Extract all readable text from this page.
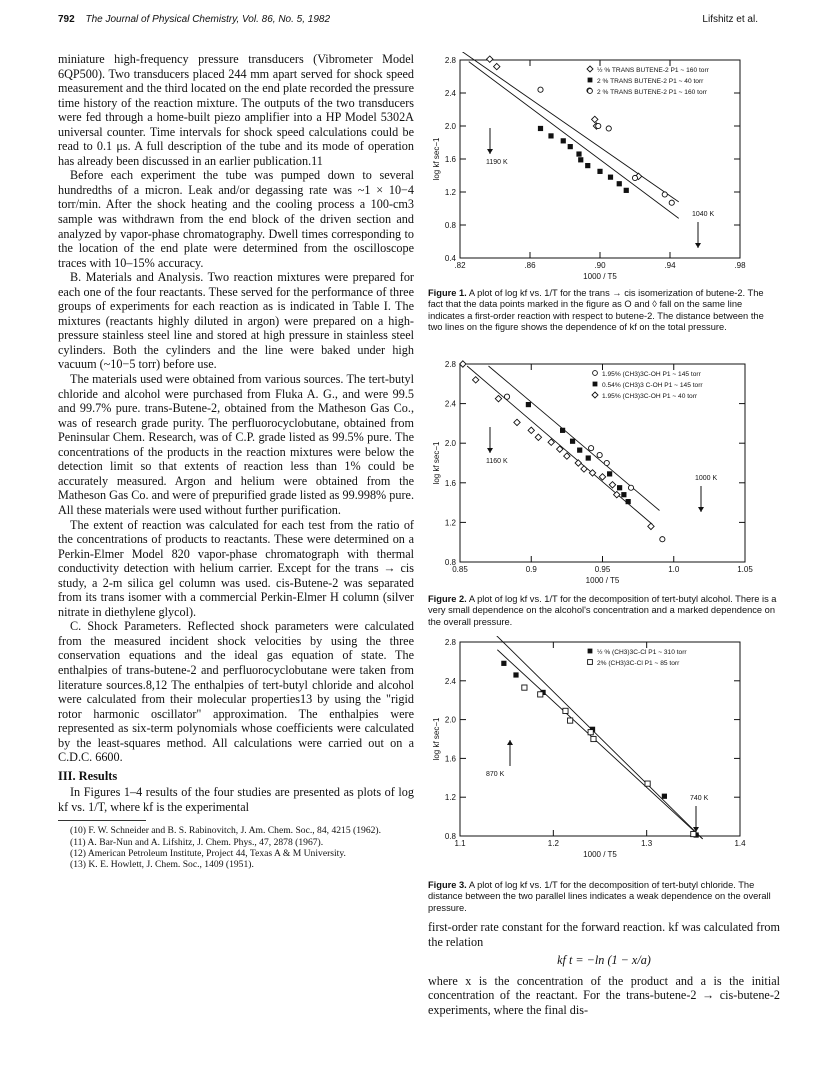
792 The Journal of Physical Chemistry, Vol. 86, No. 5, 1982	Lifshitz et al.

miniature high-frequency pressure transducers (Vibrometer Model 6QP500). Two transducers placed 244 mm apart served for shock speed measurement and the third located on the end plate recorded the pressure time history of the reaction mixture. The outputs of the two transducers were fed through a home-built piezo amplifier into a HP Model 5302A universal counter. Time intervals for shock speed calculations could be read to 0.1 μs. A full description of the tube and its mode of operation has already been discussed in an earlier publication.11

Before each experiment the tube was pumped down to several hundredths of a micron. Leak and/or degassing rate was ~1 × 10−4 torr/min. After the shock heating and the cooling process a 100-cm3 sample was withdrawn from the end block of the driven section and analyzed by vapor-phase chromatography. Dwell times corresponding to the location of the end plate were determined from the oscilloscope traces with 10–15% accuracy.

B. Materials and Analysis. Two reaction mixtures were prepared for each one of the four reactants. These served for the performance of three groups of experiments for each reaction as is indicated in Table I. The mixtures (reactants highly diluted in argon) were prepared on a high-pressure stainless steel line and stored at high pressure in stainless steel cylinders. Both the cylinders and the line were baked under high vacuum (~10−5 torr) before use.

The materials used were obtained from various sources. The tert-butyl chloride and alcohol were purchased from Fluka A. G., and were 99.5 and 99.7% pure. trans-Butene-2, obtained from the Matheson Gas Co., was of research grade purity. The perfluorocyclobutane, obtained from Peninsular Chem. Research, was of C.P. grade listed as 99.5% pure. The concentrations of the products in the reaction mixtures were below the detection limit so that extents of reaction less than 1% could be accurately measured. Argon and helium were obtained from the Matheson Gas Co. and were of prepurified grade listed as 99.998% pure. All these materials were used without further purification.

The extent of reaction was calculated for each test from the ratio of the concentrations of products to reactants. These were determined on a Perkin-Elmer Model 820 vapor-phase chromatograph with thermal conductivity detection with helium carrier. Except for the trans → cis study, a 2-m silica gel column was used. cis-Butene-2 was separated from its trans isomer with a commercial Perkin-Elmer H column (silver nitrate in diethylene glycol).

C. Shock Parameters. Reflected shock parameters were calculated from the measured incident shock velocities by using the three conservation equations and the ideal gas equation of state. The enthalpies of trans-butene-2 and perfluorocyclobutane were taken from literature sources.8,12 The enthalpies of tert-butyl chloride and alcohol were calculated from their molecular properties13 by using the "rigid rotor harmonic oscillator" approximation. The enthalpies were represented as six-term polynomials whose coefficients were calculated by the least-squares method. All calculations were carried out on a C.D.C. 6600.

III. Results

In Figures 1–4 results of the four studies are presented as plots of log kf vs. 1/T, where kf is the experimental

(10) F. W. Schneider and B. S. Rabinovitch, J. Am. Chem. Soc., 84, 4215 (1962).
(11) A. Bar-Nun and A. Lifshitz, J. Chem. Phys., 47, 2878 (1967).
(12) American Petroleum Institute, Project 44, Texas A & M University.
(13) K. E. Howlett, J. Chem. Soc., 1409 (1951).
0.4
0.8
1.2
1.6
2.0
2.4
2.8
.82	.86	.90	.94	.98
1000 / T5
log kf sec−1
½ % TRANS BUTENE-2 P1 ~ 160 torr
2 % TRANS BUTENE-2 P1 ~ 40 torr
2 % TRANS BUTENE-2 P1 ~ 160 torr
1190 K
1040 K
Figure 1. A plot of log kf vs. 1/T for the trans → cis isomerization of butene-2. The fact that the data points marked in the figure as O and ◊ fall on the same line indicates a first-order reaction with respect to butene-2. The distance between the two lines on the figure shows the dependence of kf on the total pressure.
0.8
1.2
1.6
2.0
2.4
2.8
0.85	0.9	0.95	1.0	1.05
1000 / T5
log kf sec−1
1.95% (CH3)3C-OH P1 ~ 145 torr
0.54% (CH3)3 C-OH P1 ~ 145 torr
1.95% (CH3)3C-OH P1 ~ 40 torr
1160 K
1000 K
Figure 2. A plot of log kf vs. 1/T for the decomposition of tert-butyl alcohol. There is a very small dependence on the alcohol's concentration and a marked dependence on the overall pressure.
0.8
1.2
1.6
2.0
2.4
2.8
1.1	1.2	1.3	1.4
1000 / T5
log kf sec−1
½ % (CH3)3C-Cl P1 ~ 310 torr
2% (CH3)3C-Cl P1 ~ 85 torr
870 K
740 K
Figure 3. A plot of log kf vs. 1/T for the decomposition of tert-butyl chloride. The distance between the two parallel lines indicates a weak dependence on the overall pressure.

first-order rate constant for the forward reaction. kf was calculated from the relation

kf t = −ln (1 − x/a)

where x is the concentration of the product and a is the initial concentration of the reactant. For the trans-butene-2 → cis-butene-2 experiments, where the final dis-
